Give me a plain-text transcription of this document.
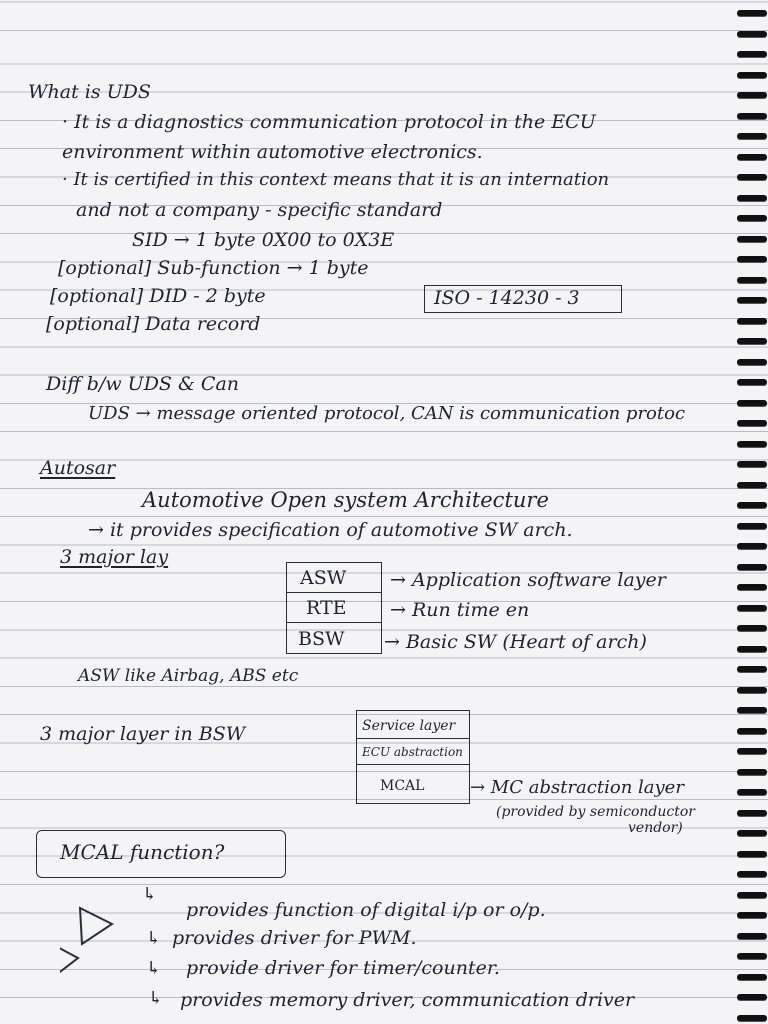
What is UDS
· It is a diagnostics communication protocol in the ECU
environment within automotive electronics.
· It is certified in this context means that it is an internation
and not a company - specific standard
SID → 1 byte 0X00 to 0X3E
[optional] Sub-function → 1 byte
[optional] DID - 2 byte	ISO - 14230 - 3
[optional] Data record
Diff b/w UDS & Can
UDS → message oriented protocol, CAN is communication protoc
Autosar
Automotive Open system Architecture
→ it provides specification of automotive SW arch.
3 major lay
ASW → Application software layer
RTE → Run time en
BSW → Basic SW (Heart of arch)
ASW like Airbag, ABS etc
3 major layer in BSW	Service layer
ECU abstraction
MCAL	→ MC abstraction layer
(provided by semiconductor
vendor)
MCAL function?
↳
provides function of digital i/p or o/p.
↳ provides driver for PWM.
↳ provide driver for timer/counter.
↳ provides memory driver, communication driver
